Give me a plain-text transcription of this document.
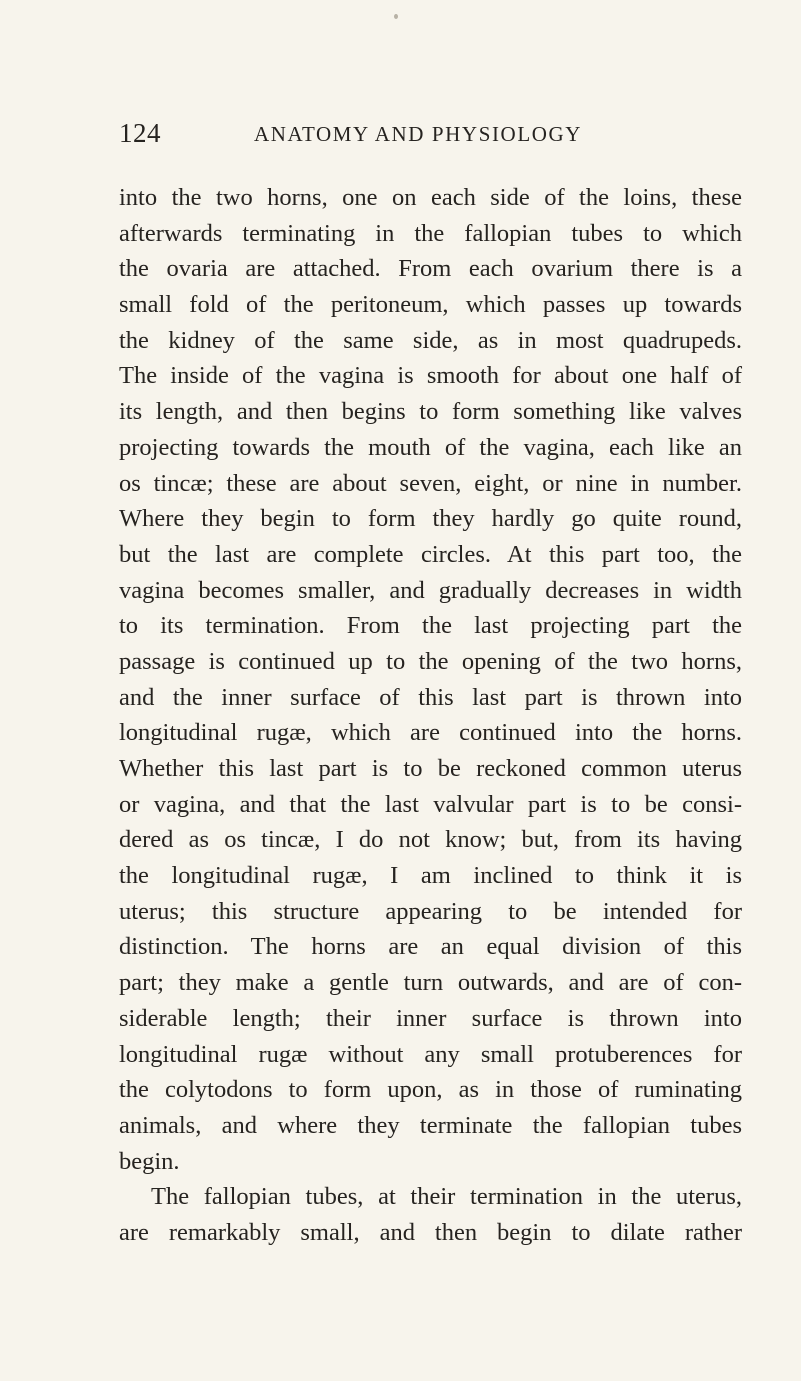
124	ANATOMY AND PHYSIOLOGY
into the two horns, one on each side of the loins, these
afterwards terminating in the fallopian tubes to which
the ovaria are attached. From each ovarium there is a
small fold of the peritoneum, which passes up towards
the kidney of the same side, as in most quadrupeds.
The inside of the vagina is smooth for about one half of
its length, and then begins to form something like valves
projecting towards the mouth of the vagina, each like an
os tincæ; these are about seven, eight, or nine in number.
Where they begin to form they hardly go quite round,
but the last are complete circles. At this part too, the
vagina becomes smaller, and gradually decreases in width
to its termination. From the last projecting part the
passage is continued up to the opening of the two horns,
and the inner surface of this last part is thrown into
longitudinal rugæ, which are continued into the horns.
Whether this last part is to be reckoned common uterus
or vagina, and that the last valvular part is to be consi-
dered as os tincæ, I do not know; but, from its having
the longitudinal rugæ, I am inclined to think it is
uterus; this structure appearing to be intended for
distinction. The horns are an equal division of this
part; they make a gentle turn outwards, and are of con-
siderable length; their inner surface is thrown into
longitudinal rugæ without any small protuberences for
the colytodons to form upon, as in those of ruminating
animals, and where they terminate the fallopian tubes
begin.
The fallopian tubes, at their termination in the uterus,
are remarkably small, and then begin to dilate rather
